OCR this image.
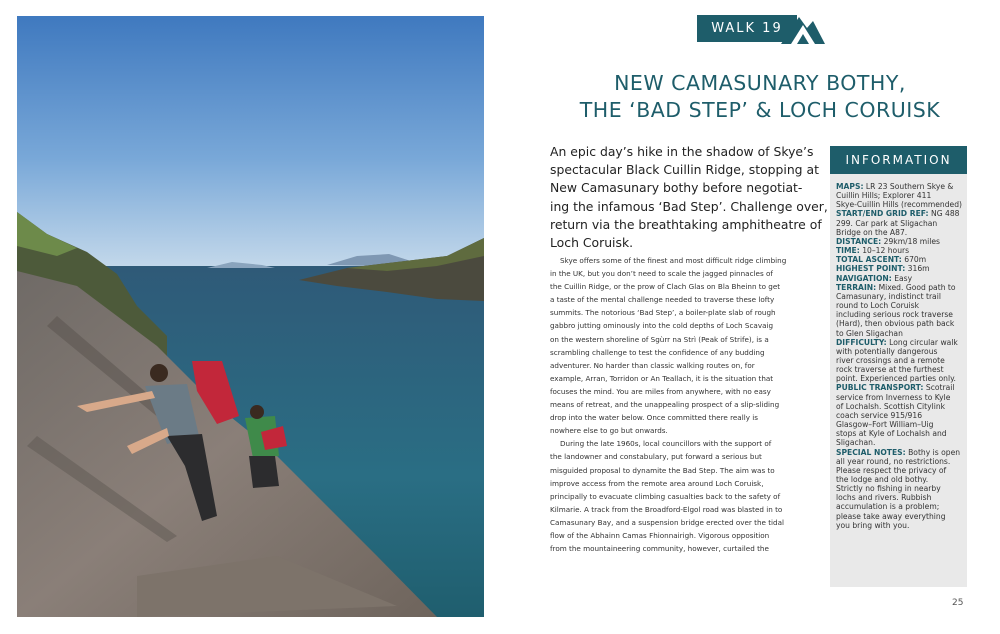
WALK 19
NEW CAMASUNARY BOTHY,
THE ‘BAD STEP’ & LOCH CORUISK
An epic day’s hike in the shadow of Skye’s
spectacular Black Cuillin Ridge, stopping at
New Camasunary bothy before negotiat-
ing the infamous ‘Bad Step’. Challenge over,
return via the breathtaking amphitheatre of
Loch Coruisk.
Skye offers some of the finest and most difficult ridge climbing
in the UK, but you don’t need to scale the jagged pinnacles of
the Cuillin Ridge, or the prow of Clach Glas on Bla Bheinn to get
a taste of the mental challenge needed to traverse these lofty
summits. The notorious ‘Bad Step’, a boiler-plate slab of rough
gabbro jutting ominously into the cold depths of Loch Scavaig
on the western shoreline of Sgùrr na Strì (Peak of Strife), is a
scrambling challenge to test the confidence of any budding
adventurer. No harder than classic walking routes on, for
example, Arran, Torridon or An Teallach, it is the situation that
focuses the mind. You are miles from anywhere, with no easy
means of retreat, and the unappealing prospect of a slip-sliding
drop into the water below. Once committed there really is
nowhere else to go but onwards.
During the late 1960s, local councillors with the support of
the landowner and constabulary, put forward a serious but
misguided proposal to dynamite the Bad Step. The aim was to
improve access from the remote area around Loch Coruisk,
principally to evacuate climbing casualties back to the safety of
Kilmarie. A track from the Broadford-Elgol road was blasted in to
Camasunary Bay, and a suspension bridge erected over the tidal
flow of the Abhainn Camas Fhionnairigh. Vigorous opposition
from the mountaineering community, however, curtailed the
INFORMATION
MAPS: LR 23 Southern Skye &
Cuillin Hills; Explorer 411
Skye-Cuillin Hills (recommended)
START/END GRID REF: NG 488
299. Car park at Sligachan
Bridge on the A87.
DISTANCE: 29km/18 miles
TIME: 10–12 hours
TOTAL ASCENT: 670m
HIGHEST POINT: 316m
NAVIGATION: Easy
TERRAIN: Mixed. Good path to
Camasunary, indistinct trail
round to Loch Coruisk
including serious rock traverse
(Hard), then obvious path back
to Glen Sligachan
DIFFICULTY: Long circular walk
with potentially dangerous
river crossings and a remote
rock traverse at the furthest
point. Experienced parties only.
PUBLIC TRANSPORT: Scotrail
service from Inverness to Kyle
of Lochalsh. Scottish Citylink
coach service 915/916
Glasgow–Fort William–Uig
stops at Kyle of Lochalsh and
Sligachan.
SPECIAL NOTES: Bothy is open
all year round, no restrictions.
Please respect the privacy of
the lodge and old bothy.
Strictly no fishing in nearby
lochs and rivers. Rubbish
accumulation is a problem;
please take away everything
you bring with you.
25
